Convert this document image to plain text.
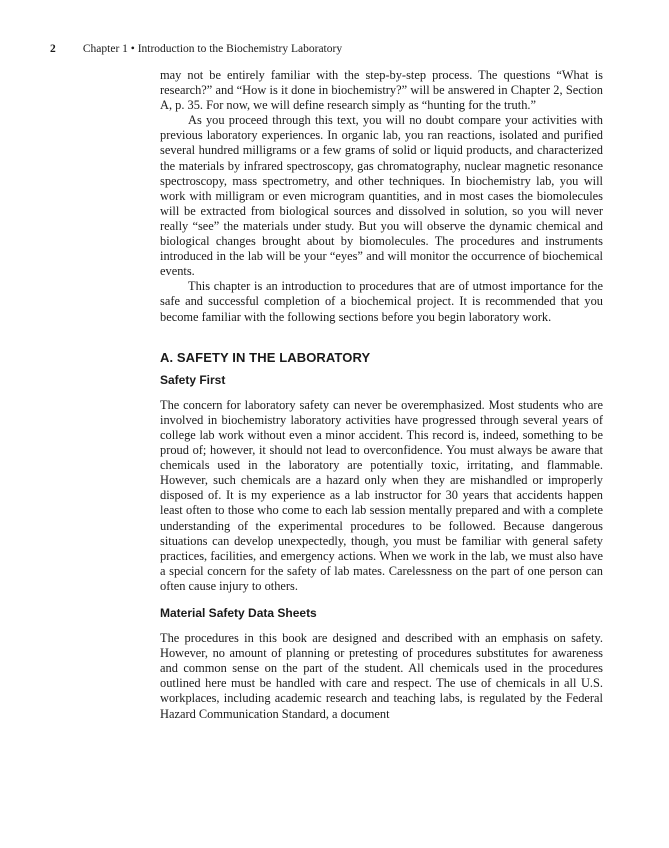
2 Chapter 1 • Introduction to the Biochemistry Laboratory

may not be entirely familiar with the step-by-step process. The questions “What is research?” and “How is it done in biochemistry?” will be answered in Chapter 2, Section A, p. 35. For now, we will define research simply as “hunting for the truth.”

As you proceed through this text, you will no doubt compare your activities with previous laboratory experiences. In organic lab, you ran reactions, isolated and purified several hundred milligrams or a few grams of solid or liquid products, and characterized the materials by infrared spectroscopy, gas chromatography, nuclear magnetic resonance spectroscopy, mass spectrometry, and other techniques. In biochemistry lab, you will work with milligram or even microgram quantities, and in most cases the biomolecules will be extracted from biological sources and dissolved in solution, so you will never really “see” the materials under study. But you will observe the dynamic chemical and biological changes brought about by biomolecules. The procedures and instruments introduced in the lab will be your “eyes” and will monitor the occurrence of biochemical events.

This chapter is an introduction to procedures that are of utmost importance for the safe and successful completion of a biochemical project. It is recommended that you become familiar with the following sections before you begin laboratory work.

A. SAFETY IN THE LABORATORY
Safety First

The concern for laboratory safety can never be overemphasized. Most students who are involved in biochemistry laboratory activities have progressed through several years of college lab work without even a minor accident. This record is, indeed, something to be proud of; however, it should not lead to overconfidence. You must always be aware that chemicals used in the laboratory are potentially toxic, irritating, and flammable. However, such chemicals are a hazard only when they are mishandled or improperly disposed of. It is my experience as a lab instructor for 30 years that accidents happen least often to those who come to each lab session mentally prepared and with a complete understanding of the experimental procedures to be followed. Because dangerous situations can develop unexpectedly, though, you must be familiar with general safety practices, facilities, and emergency actions. When we work in the lab, we must also have a special concern for the safety of lab mates. Carelessness on the part of one person can often cause injury to others.

Material Safety Data Sheets

The procedures in this book are designed and described with an emphasis on safety. However, no amount of planning or pretesting of procedures substitutes for awareness and common sense on the part of the student. All chemicals used in the procedures outlined here must be handled with care and respect. The use of chemicals in all U.S. workplaces, including academic research and teaching labs, is regulated by the Federal Hazard Communication Standard, a document
